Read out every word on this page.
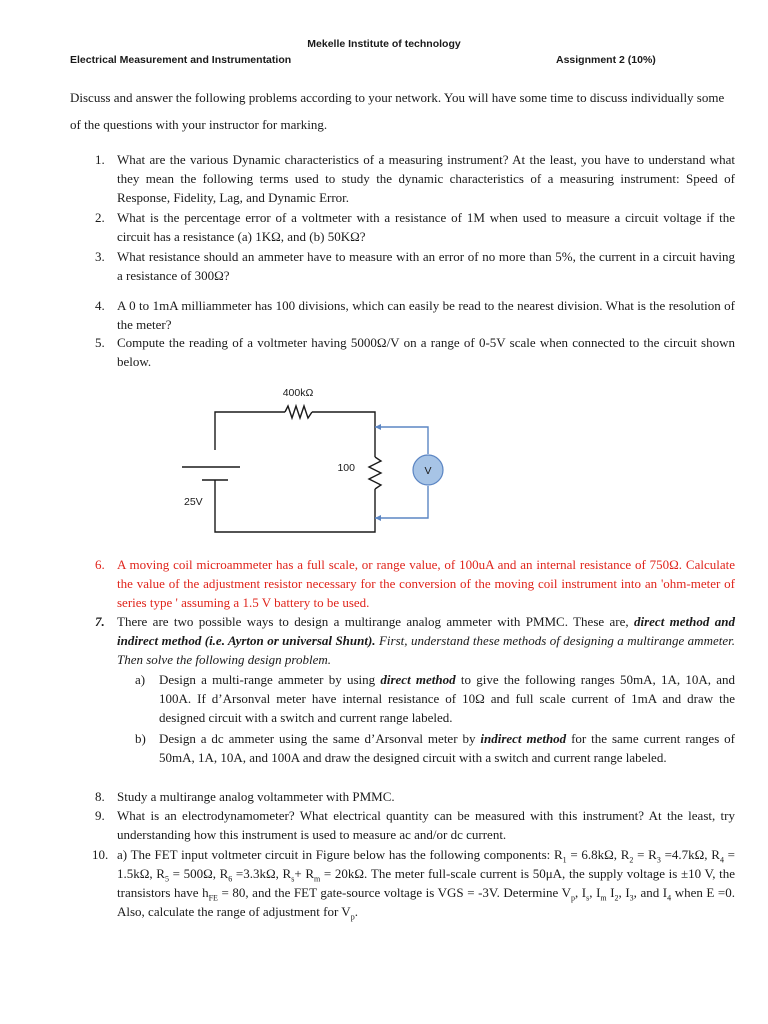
Mekelle Institute of technology
Electrical Measurement and Instrumentation	Assignment 2 (10%)
Discuss and answer the following problems according to your network. You will have some time to discuss individually some of the questions with your instructor for marking.
1. What are the various Dynamic characteristics of a measuring instrument? At the least, you have to understand what they mean the following terms used to study the dynamic characteristics of a measuring instrument: Speed of Response, Fidelity, Lag, and Dynamic Error.
2. What is the percentage error of a voltmeter with a resistance of 1M when used to measure a circuit voltage if the circuit has a resistance (a) 1KΩ, and (b) 50KΩ?
3. What resistance should an ammeter have to measure with an error of no more than 5%, the current in a circuit having a resistance of 300Ω?
4. A 0 to 1mA milliammeter has 100 divisions, which can easily be read to the nearest division. What is the resolution of the meter?
5. Compute the reading of a voltmeter having 5000Ω/V on a range of 0-5V scale when connected to the circuit shown below.
V
400kΩ
100
25V
6. A moving coil microammeter has a full scale, or range value, of 100uA and an internal resistance of 750Ω. Calculate the value of the adjustment resistor necessary for the conversion of the moving coil instrument into an 'ohm-meter of series type ' assuming a 1.5 V battery to be used.
7. There are two possible ways to design a multirange analog ammeter with PMMC. These are, direct method and indirect method (i.e. Ayrton or universal Shunt). First, understand these methods of designing a multirange ammeter. Then solve the following design problem.
a) Design a multi-range ammeter by using direct method to give the following ranges 50mA, 1A, 10A, and 100A. If d’Arsonval meter have internal resistance of 10Ω and full scale current of 1mA and draw the designed circuit with a switch and current range labeled.
b) Design a dc ammeter using the same d’Arsonval meter by indirect method for the same current ranges of 50mA, 1A, 10A, and 100A and draw the designed circuit with a switch and current range labeled.
8. Study a multirange analog voltammeter with PMMC.
9. What is an electrodynamometer? What electrical quantity can be measured with this instrument? At the least, try understanding how this instrument is used to measure ac and/or dc current.
10. a) The FET input voltmeter circuit in Figure below has the following components: $R_1 = 6.8k\Omega$, $R_2 = R_3 =4.7k\Omega$, $R_4 = 1.5k\Omega$, $R_5 = 500\Omega$, $R_6 =3.3k\Omega$, $R_s+ R_m = 20k\Omega$. The meter full-scale current is 50μA, the supply voltage is ±10 V, the transistors have $h_{FE} = 80$, and the FET gate-source voltage is VGS = -3V. Determine $V_p$, $I_s$, $I_m$ $I_2$, $I_3$, and $I_4$ when E =0. Also, calculate the range of adjustment for $V_p$.
